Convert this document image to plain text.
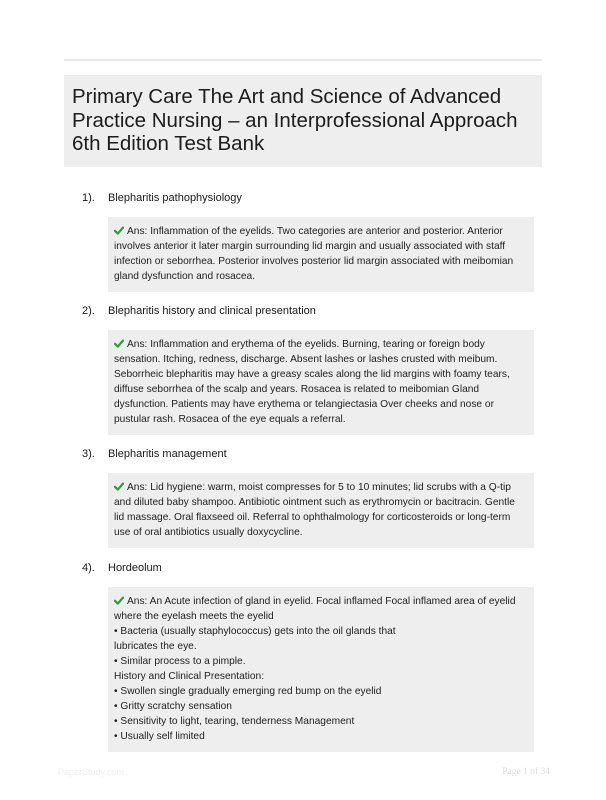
Primary Care The Art and Science of Advanced Practice Nursing – an Interprofessional Approach 6th Edition Test Bank
1).	Blepharitis pathophysiology
Ans: Inflammation of the eyelids. Two categories are anterior and posterior. Anterior involves anterior it later margin surrounding lid margin and usually associated with staff infection or seborrhea. Posterior involves posterior lid margin associated with meibomian gland dysfunction and rosacea.
2).	Blepharitis history and clinical presentation
Ans: Inflammation and erythema of the eyelids. Burning, tearing or foreign body sensation. Itching, redness, discharge. Absent lashes or lashes crusted with meibum. Seborrheic blepharitis may have a greasy scales along the lid margins with foamy tears, diffuse seborrhea of the scalp and years. Rosacea is related to meibomian Gland dysfunction. Patients may have erythema or telangiectasia Over cheeks and nose or pustular rash. Rosacea of the eye equals a referral.
3).	Blepharitis management
Ans: Lid hygiene: warm, moist compresses for 5 to 10 minutes; lid scrubs with a Q-tip and diluted baby shampoo. Antibiotic ointment such as erythromycin or bacitracin. Gentle lid massage. Oral flaxseed oil. Referral to ophthalmology for corticosteroids or long-term use of oral antibiotics usually doxycycline.
4).	Hordeolum
Ans: An Acute infection of gland in eyelid. Focal inflamed Focal inflamed area of eyelid where the eyelash meets the eyelid
• Bacteria (usually staphylococcus) gets into the oil glands that
lubricates the eye.
• Similar process to a pimple.
History and Clinical Presentation:
• Swollen single gradually emerging red bump on the eyelid
• Gritty scratchy sensation
• Sensitivity to light, tearing, tenderness Management
• Usually self limited
PaperStudy.com	Page 1 of 34
